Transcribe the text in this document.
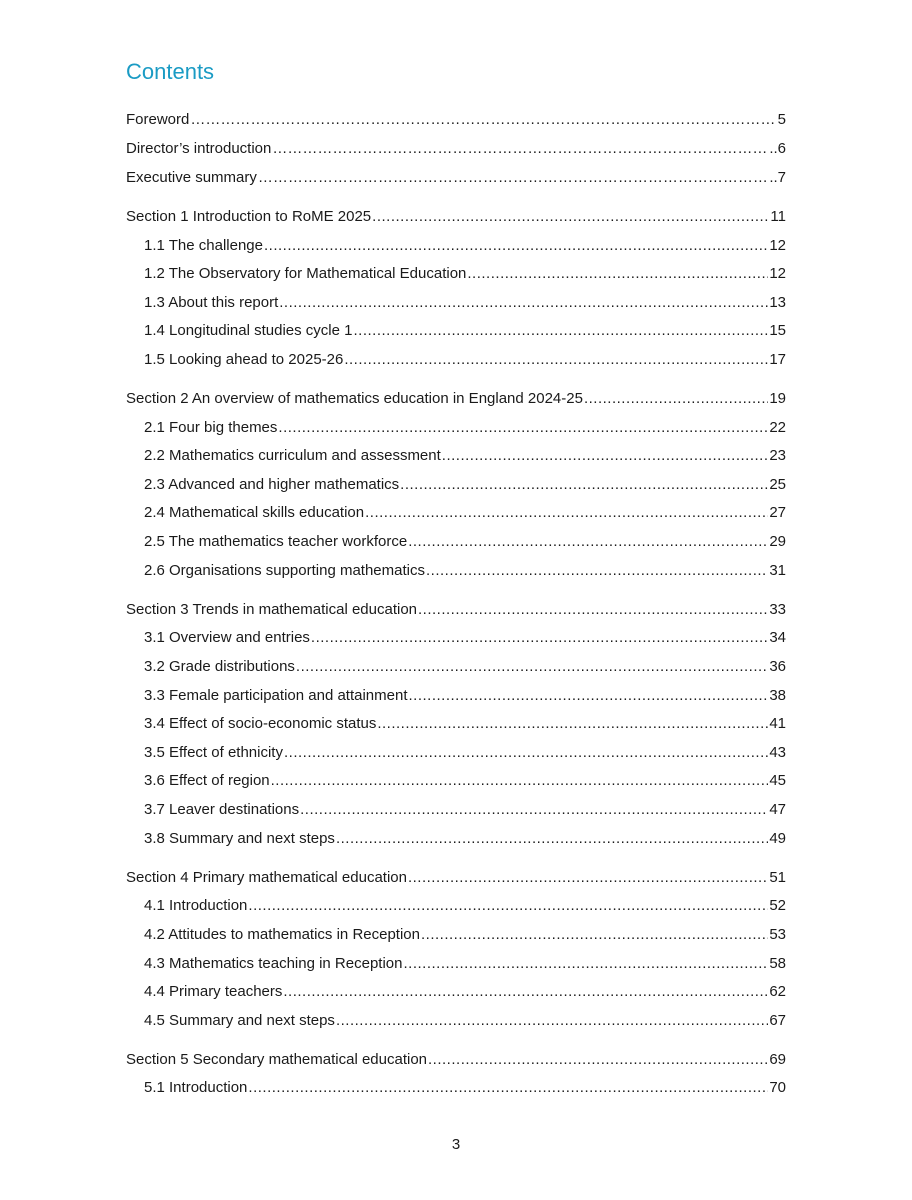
Contents
Foreword …………………………………………………………………………………………………………………………………………………………………………………………	5
Director’s introduction …………………………………………………………………………………………………………………………………………………………………………………………	..6
Executive summary …………………………………………………………………………………………………………………………………………………………………………………………	..7
Section 1 Introduction to RoME 2025 .....	11
1.1 The challenge .....	12
1.2 The Observatory for Mathematical Education .....	12
1.3 About this report .....	13
1.4 Longitudinal studies cycle 1 .....	15
1.5 Looking ahead to 2025-26 .....	17
Section 2 An overview of mathematics education in England 2024-25 .....	19
2.1 Four big themes .....	22
2.2 Mathematics curriculum and assessment .....	23
2.3 Advanced and higher mathematics .....	25
2.4 Mathematical skills education .....	27
2.5 The mathematics teacher workforce .....	29
2.6 Organisations supporting mathematics .....	31
Section 3 Trends in mathematical education .....	33
3.1 Overview and entries .....	34
3.2 Grade distributions .....	36
3.3 Female participation and attainment .....	38
3.4 Effect of socio-economic status .....	41
3.5 Effect of ethnicity .....	43
3.6 Effect of region .....	45
3.7 Leaver destinations .....	47
3.8 Summary and next steps .....	49
Section 4 Primary mathematical education .....	51
4.1 Introduction .....	52
4.2 Attitudes to mathematics in Reception .....	53
4.3 Mathematics teaching in Reception .....	58
4.4 Primary teachers .....	62
4.5 Summary and next steps .....	67
Section 5 Secondary mathematical education .....	69
5.1 Introduction .....	70
3
